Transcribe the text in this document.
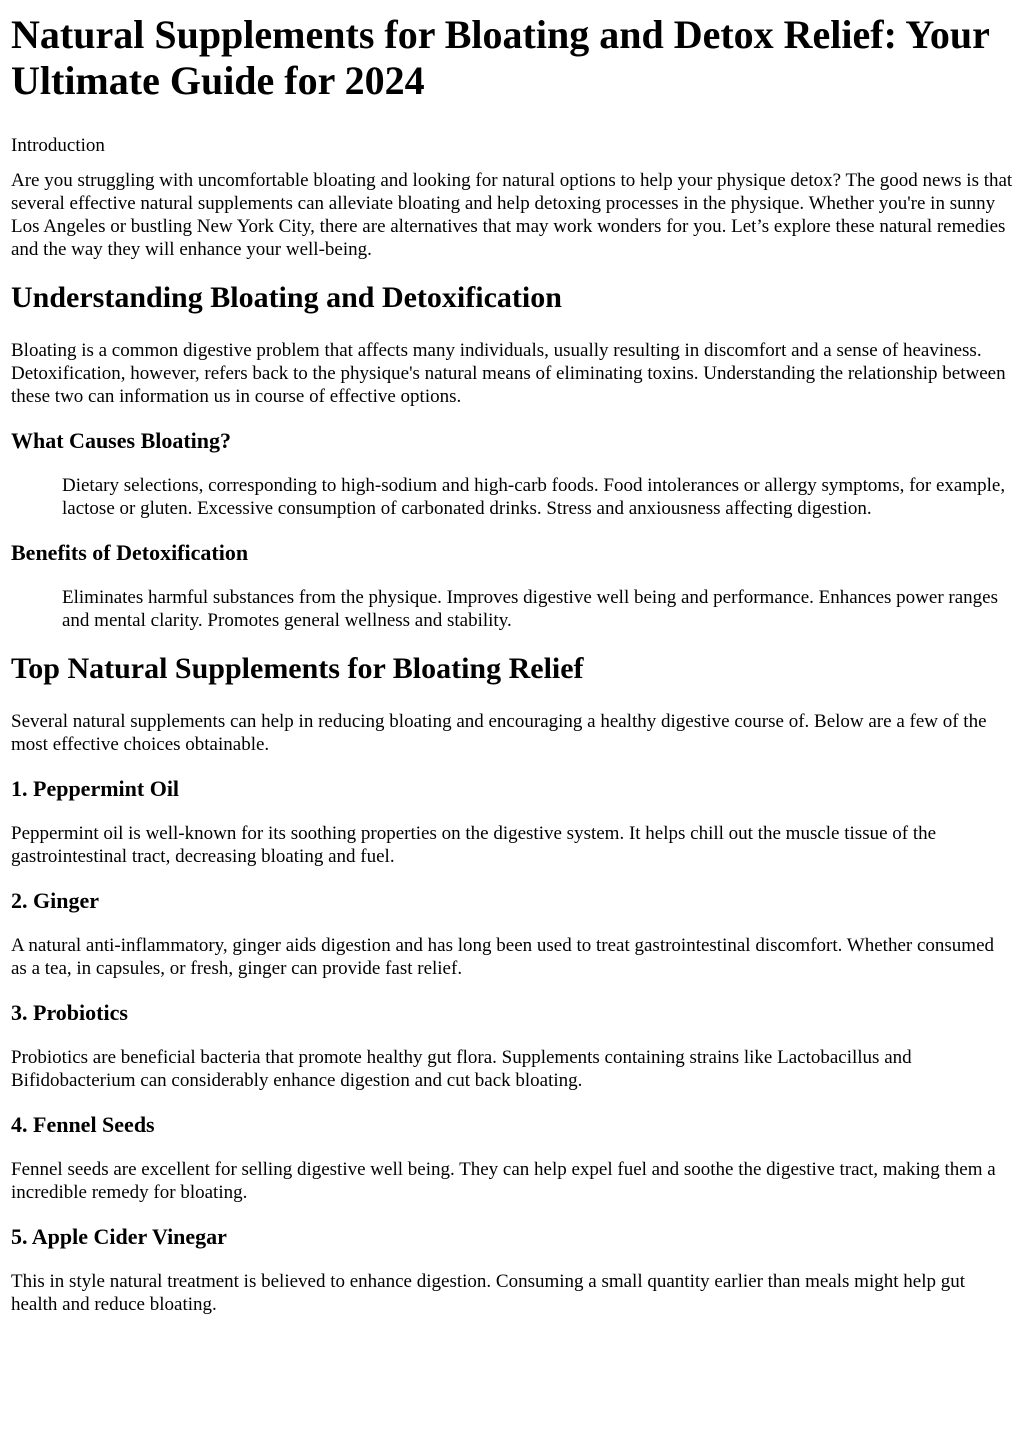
Natural Supplements for Bloating and Detox Relief: Your Ultimate Guide for 2024

Introduction

Are you struggling with uncomfortable bloating and looking for natural options to help your physique detox? The good news is that several effective natural supplements can alleviate bloating and help detoxing processes in the physique. Whether you're in sunny Los Angeles or bustling New York City, there are alternatives that may work wonders for you. Let’s explore these natural remedies and the way they will enhance your well-being.

Understanding Bloating and Detoxification

Bloating is a common digestive problem that affects many individuals, usually resulting in discomfort and a sense of heaviness. Detoxification, however, refers back to the physique's natural means of eliminating toxins. Understanding the relationship between these two can information us in course of effective options.

What Causes Bloating?
Dietary selections, corresponding to high-sodium and high-carb foods. Food intolerances or allergy symptoms, for example, lactose or gluten. Excessive consumption of carbonated drinks. Stress and anxiousness affecting digestion.
Benefits of Detoxification
Eliminates harmful substances from the physique. Improves digestive well being and performance. Enhances power ranges and mental clarity. Promotes general wellness and stability.
Top Natural Supplements for Bloating Relief

Several natural supplements can help in reducing bloating and encouraging a healthy digestive course of. Below are a few of the most effective choices obtainable.

1. Peppermint Oil

Peppermint oil is well-known for its soothing properties on the digestive system. It helps chill out the muscle tissue of the gastrointestinal tract, decreasing bloating and fuel.

2. Ginger

A natural anti-inflammatory, ginger aids digestion and has long been used to treat gastrointestinal discomfort. Whether consumed as a tea, in capsules, or fresh, ginger can provide fast relief.

3. Probiotics

Probiotics are beneficial bacteria that promote healthy gut flora. Supplements containing strains like Lactobacillus and Bifidobacterium can considerably enhance digestion and cut back bloating.

4. Fennel Seeds

Fennel seeds are excellent for selling digestive well being. They can help expel fuel and soothe the digestive tract, making them a incredible remedy for bloating.

5. Apple Cider Vinegar

This in style natural treatment is believed to enhance digestion. Consuming a small quantity earlier than meals might help gut health and reduce bloating.
